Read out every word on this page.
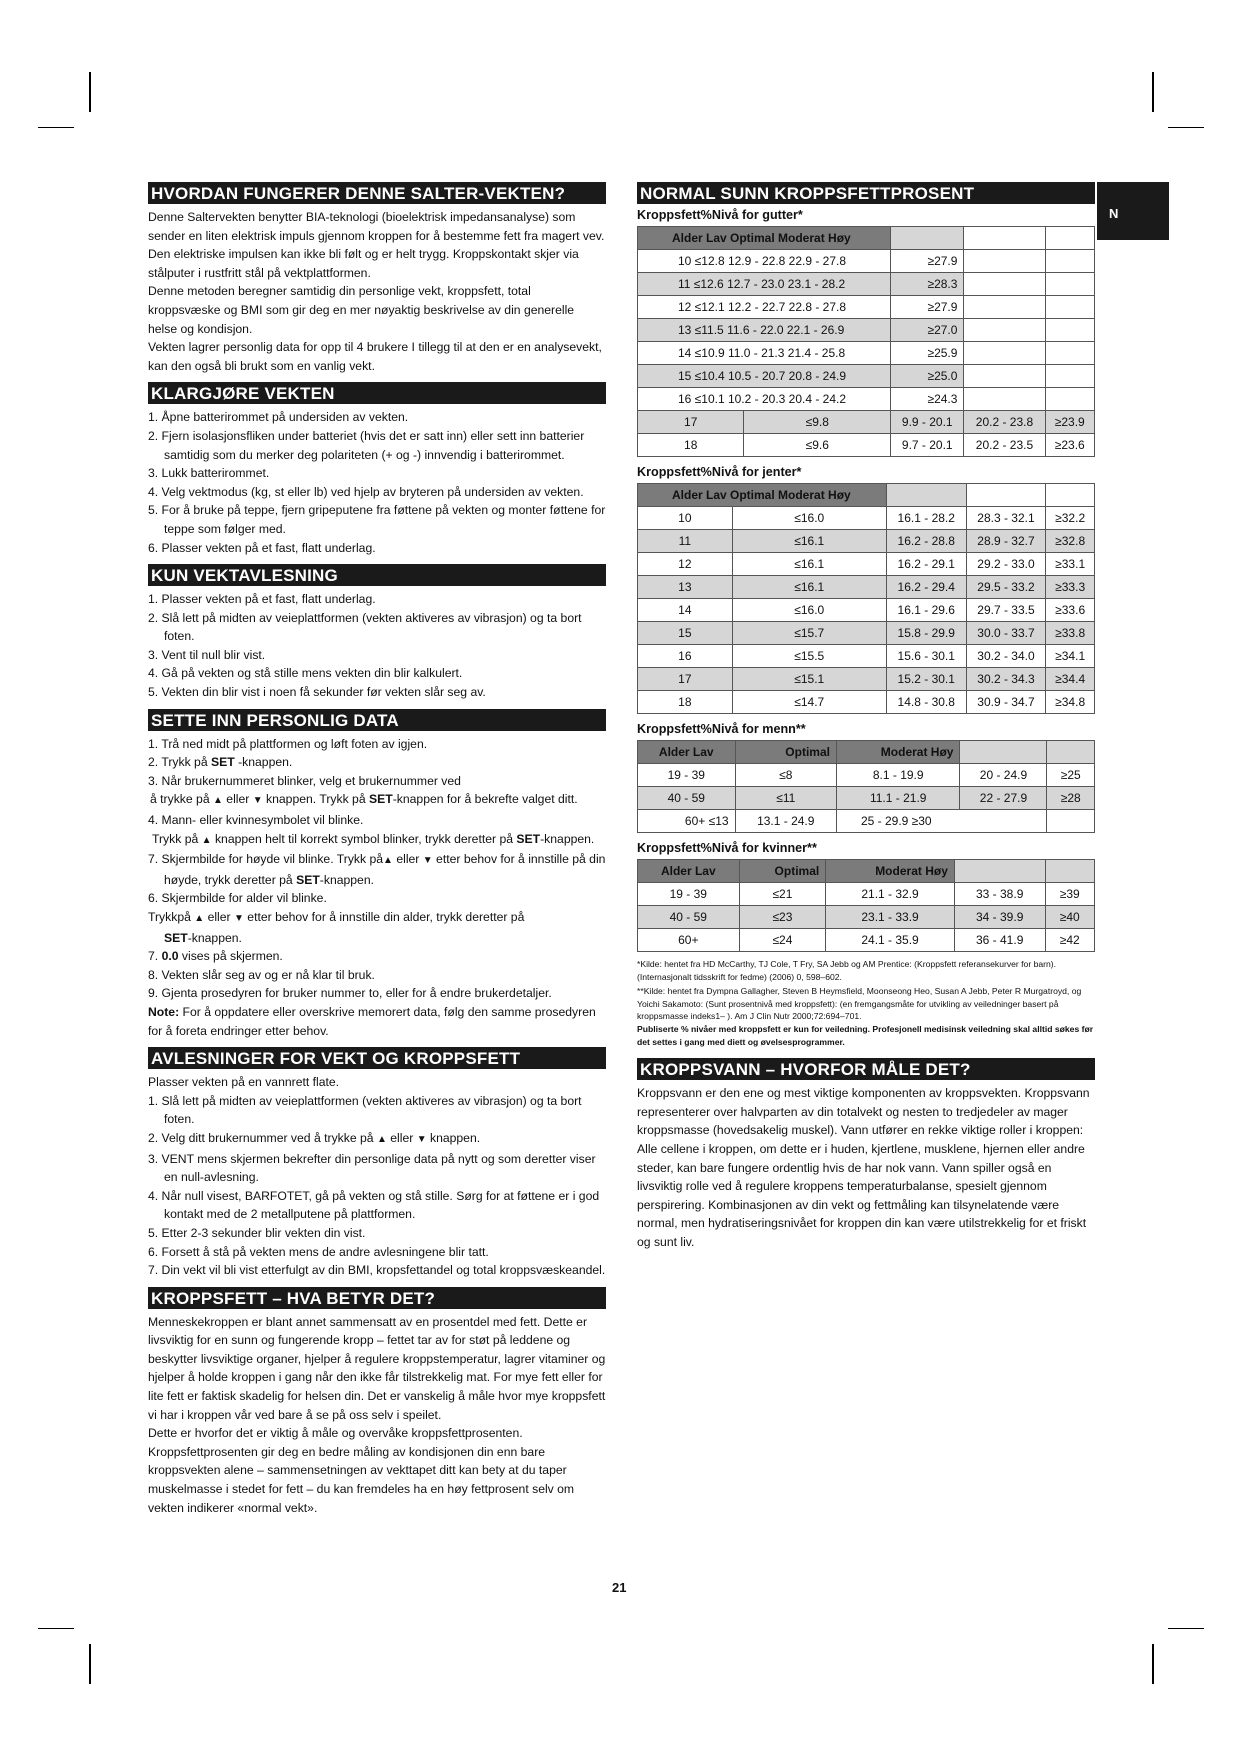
N
HVORDAN FUNGERER DENNE SALTER-VEKTEN?

Denne Saltervekten benytter BIA-teknologi (bioelektrisk impedansanalyse) som sender en liten elektrisk impuls gjennom kroppen for å bestemme fett fra magert vev. Den elektriske impulsen kan ikke bli følt og er helt trygg. Kroppskontakt skjer via stålputer i rustfritt stål på vektplattformen.

Denne metoden beregner samtidig din personlige vekt, kroppsfett, total kroppsvæske og BMI som gir deg en mer nøyaktig beskrivelse av din generelle helse og kondisjon.

Vekten lagrer personlig data for opp til 4 brukere I tillegg til at den er en analysevekt, kan den også bli brukt som en vanlig vekt.

KLARGJØRE VEKTEN
1. Åpne batterirommet på undersiden av vekten.
2. Fjern isolasjonsfliken under batteriet (hvis det er satt inn) eller sett inn batterier samtidig som du merker deg polariteten (+ og -) innvendig i batterirommet.
3. Lukk batterirommet.
4. Velg vektmodus (kg, st eller lb) ved hjelp av bryteren på undersiden av vekten.
5. For å bruke på teppe, fjern gripeputene fra føttene på vekten og monter føttene for teppe som følger med.
6. Plasser vekten på et fast, flatt underlag.
KUN VEKTAVLESNING
1. Plasser vekten på et fast, flatt underlag.
2. Slå lett på midten av veieplattformen (vekten aktiveres av vibrasjon) og ta bort foten.
3. Vent til null blir vist.
4. Gå på vekten og stå stille mens vekten din blir kalkulert.
5. Vekten din blir vist i noen få sekunder før vekten slår seg av.
SETTE INN PERSONLIG DATA
1. Trå ned midt på plattformen og løft foten av igjen.
2. Trykk på SET -knappen.
3. Når brukernummeret blinker, velg et brukernummer ved
å trykke på ▲ eller ▼ knappen. Trykk på SET-knappen for å bekrefte valget ditt.
4. Mann- eller kvinnesymbolet vil blinke.
Trykk på ▲ knappen helt til korrekt symbol blinker, trykk deretter på SET-knappen.
7. Skjermbilde for høyde vil blinke. Trykk på▲ eller ▼ etter behov for å innstille på din høyde, trykk deretter på SET-knappen.
6. Skjermbilde for alder vil blinke.
Trykkpå ▲ eller ▼ etter behov for å innstille din alder, trykk deretter på
SET-knappen.
7. 0.0 vises på skjermen.
8. Vekten slår seg av og er nå klar til bruk.
9. Gjenta prosedyren for bruker nummer to, eller for å endre brukerdetaljer.

Note: For å oppdatere eller overskrive memorert data, følg den samme prosedyren for å foreta endringer etter behov.

AVLESNINGER FOR VEKT OG KROPPSFETT

Plasser vekten på en vannrett flate.

1. Slå lett på midten av veieplattformen (vekten aktiveres av vibrasjon) og ta bort foten.
2. Velg ditt brukernummer ved å trykke på ▲ eller ▼ knappen.
3. VENT mens skjermen bekrefter din personlige data på nytt og som deretter viser en null-avlesning.
4. Når null visest, BARFOTET, gå på vekten og stå stille. Sørg for at føttene er i god kontakt med de 2 metallputene på plattformen.
5. Etter 2-3 sekunder blir vekten din vist.
6. Forsett å stå på vekten mens de andre avlesningene blir tatt.
7. Din vekt vil bli vist etterfulgt av din BMI, kropsfettandel og total kroppsvæskeandel.
KROPPSFETT – HVA BETYR DET?

Menneskekroppen er blant annet sammensatt av en prosentdel med fett. Dette er livsviktig for en sunn og fungerende kropp – fettet tar av for støt på leddene og beskytter livsviktige organer, hjelper å regulere kroppstemperatur, lagrer vitaminer og hjelper å holde kroppen i gang når den ikke får tilstrekkelig mat. For mye fett eller for lite fett er faktisk skadelig for helsen din. Det er vanskelig å måle hvor mye kroppsfett vi har i kroppen vår ved bare å se på oss selv i speilet.

Dette er hvorfor det er viktig å måle og overvåke kroppsfettprosenten.

Kroppsfettprosenten gir deg en bedre måling av kondisjonen din enn bare kroppsvekten alene – sammensetningen av vekttapet ditt kan bety at du taper muskelmasse i stedet for fett – du kan fremdeles ha en høy fettprosent selv om vekten indikerer «normal vekt».

NORMAL SUNN KROPPSFETTPROSENT
Kroppsfett%Nivå for gutter*
Alder Lav Optimal Moderat Høy				
10 ≤12.8 12.9 - 22.8 22.9 - 27.8		≥27.9		
11 ≤12.6 12.7 - 23.0 23.1 - 28.2		≥28.3		
12 ≤12.1 12.2 - 22.7 22.8 - 27.8		≥27.9		
13 ≤11.5 11.6 - 22.0 22.1 - 26.9		≥27.0		
14 ≤10.9 11.0 - 21.3 21.4 - 25.8		≥25.9		
15 ≤10.4 10.5 - 20.7 20.8 - 24.9		≥25.0		
16 ≤10.1 10.2 - 20.3 20.4 - 24.2		≥24.3		
17	≤9.8	9.9 - 20.1	20.2 - 23.8	≥23.9
18	≤9.6	9.7 - 20.1	20.2 - 23.5	≥23.6
Kroppsfett%Nivå for jenter*
Alder Lav Optimal Moderat Høy				
10	≤16.0	16.1 - 28.2	28.3 - 32.1	≥32.2
11	≤16.1	16.2 - 28.8	28.9 - 32.7	≥32.8
12	≤16.1	16.2 - 29.1	29.2 - 33.0	≥33.1
13	≤16.1	16.2 - 29.4	29.5 - 33.2	≥33.3
14	≤16.0	16.1 - 29.6	29.7 - 33.5	≥33.6
15	≤15.7	15.8 - 29.9	30.0 - 33.7	≥33.8
16	≤15.5	15.6 - 30.1	30.2 - 34.0	≥34.1
17	≤15.1	15.2 - 30.1	30.2 - 34.3	≥34.4
18	≤14.7	14.8 - 30.8	30.9 - 34.7	≥34.8
Kroppsfett%Nivå for menn**
Alder Lav	Optimal	Moderat Høy		
19 - 39	≤8	8.1 - 19.9	20 - 24.9	≥25
40 - 59	≤11	11.1 - 21.9	22 - 27.9	≥28
60+ ≤13	13.1 - 24.9	25 - 29.9 ≥30		
Kroppsfett%Nivå for kvinner**
Alder Lav	Optimal	Moderat Høy		
19 - 39	≤21	21.1 - 32.9	33 - 38.9	≥39
40 - 59	≤23	23.1 - 33.9	34 - 39.9	≥40
60+	≤24	24.1 - 35.9	36 - 41.9	≥42
*Kilde: hentet fra HD McCarthy, TJ Cole, T Fry, SA Jebb og AM Prentice: (Kroppsfett referansekurver for barn). (Internasjonalt tidsskrift for fedme) (2006) 0, 598–602.
**Kilde: hentet fra Dympna Gallagher, Steven B Heymsfield, Moonseong Heo, Susan A Jebb, Peter R Murgatroyd, og Yoichi Sakamoto: (Sunt prosentnivå med kroppsfett): (en fremgangsmåte for utvikling av veiledninger basert på kroppsmasse indeks1– ). Am J Clin Nutr 2000;72:694–701.
Publiserte % nivåer med kroppsfett er kun for veiledning. Profesjonell medisinsk veiledning skal alltid søkes før det settes i gang med diett og øvelsesprogrammer.
KROPPSVANN – HVORFOR MÅLE DET?

Kroppsvann er den ene og mest viktige komponenten av kroppsvekten. Kroppsvann representerer over halvparten av din totalvekt og nesten to tredjedeler av mager kroppsmasse (hovedsakelig muskel). Vann utfører en rekke viktige roller i kroppen: Alle cellene i kroppen, om dette er i huden, kjertlene, musklene, hjernen eller andre steder, kan bare fungere ordentlig hvis de har nok vann. Vann spiller også en livsviktig rolle ved å regulere kroppens temperaturbalanse, spesielt gjennom perspirering. Kombinasjonen av din vekt og fettmåling kan tilsynelatende være normal, men hydratiseringsnivået for kroppen din kan være utilstrekkelig for et friskt og sunt liv.

21
